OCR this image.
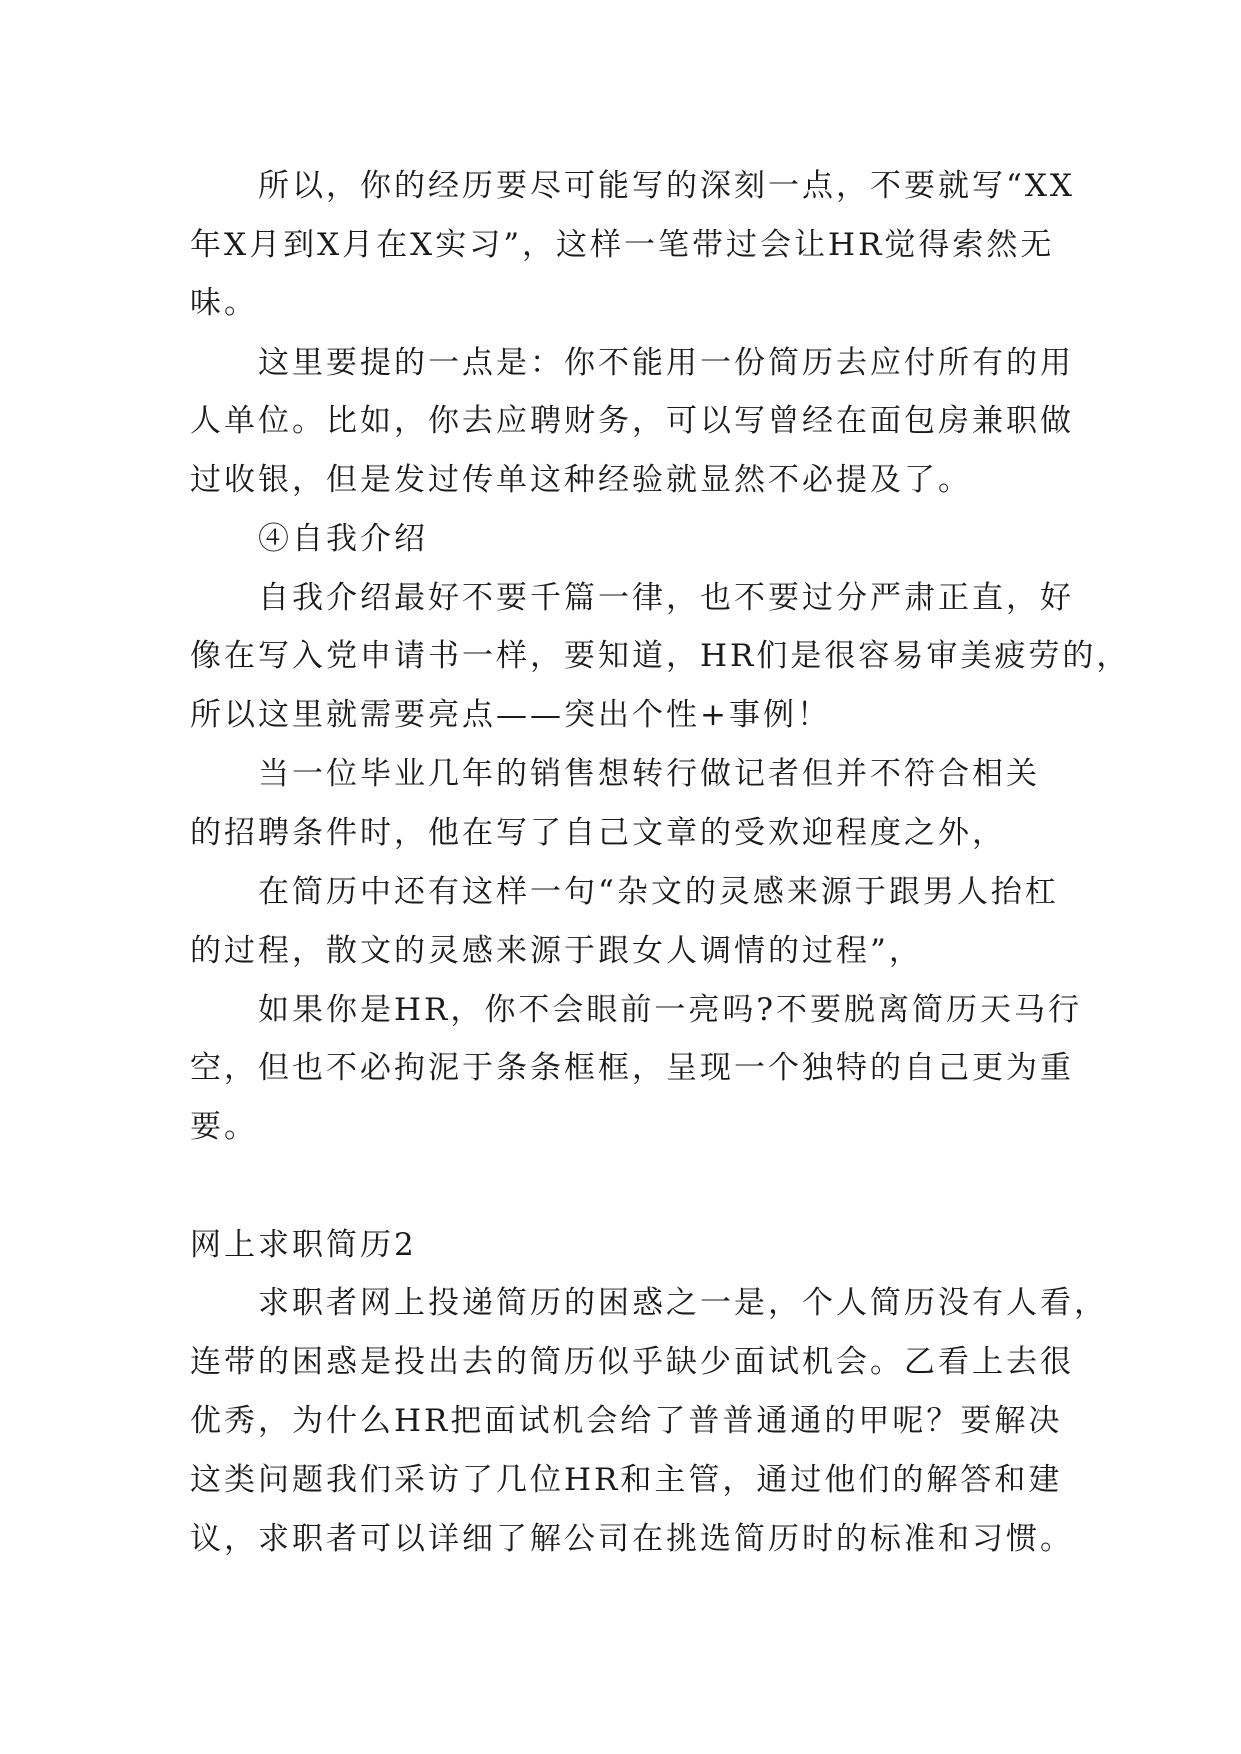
所以，你的经历要尽可能写的深刻一点，不要就写“XX
年X月到X月在X实习”，这样一笔带过会让HR觉得索然无
味。
这里要提的一点是：你不能用一份简历去应付所有的用
人单位。比如，你去应聘财务，可以写曾经在面包房兼职做
过收银，但是发过传单这种经验就显然不必提及了。
④自我介绍
自我介绍最好不要千篇一律，也不要过分严肃正直，好
像在写入党申请书一样，要知道，HR们是很容易审美疲劳的，
所以这里就需要亮点——突出个性+事例！
当一位毕业几年的销售想转行做记者但并不符合相关
的招聘条件时，他在写了自己文章的受欢迎程度之外，
在简历中还有这样一句“杂文的灵感来源于跟男人抬杠
的过程，散文的灵感来源于跟女人调情的过程”，
如果你是HR，你不会眼前一亮吗?不要脱离简历天马行
空，但也不必拘泥于条条框框，呈现一个独特的自己更为重
要。
网上求职简历2
求职者网上投递简历的困惑之一是，个人简历没有人看，
连带的困惑是投出去的简历似乎缺少面试机会。乙看上去很
优秀，为什么HR把面试机会给了普普通通的甲呢？要解决
这类问题我们采访了几位HR和主管，通过他们的解答和建
议，求职者可以详细了解公司在挑选简历时的标准和习惯。
